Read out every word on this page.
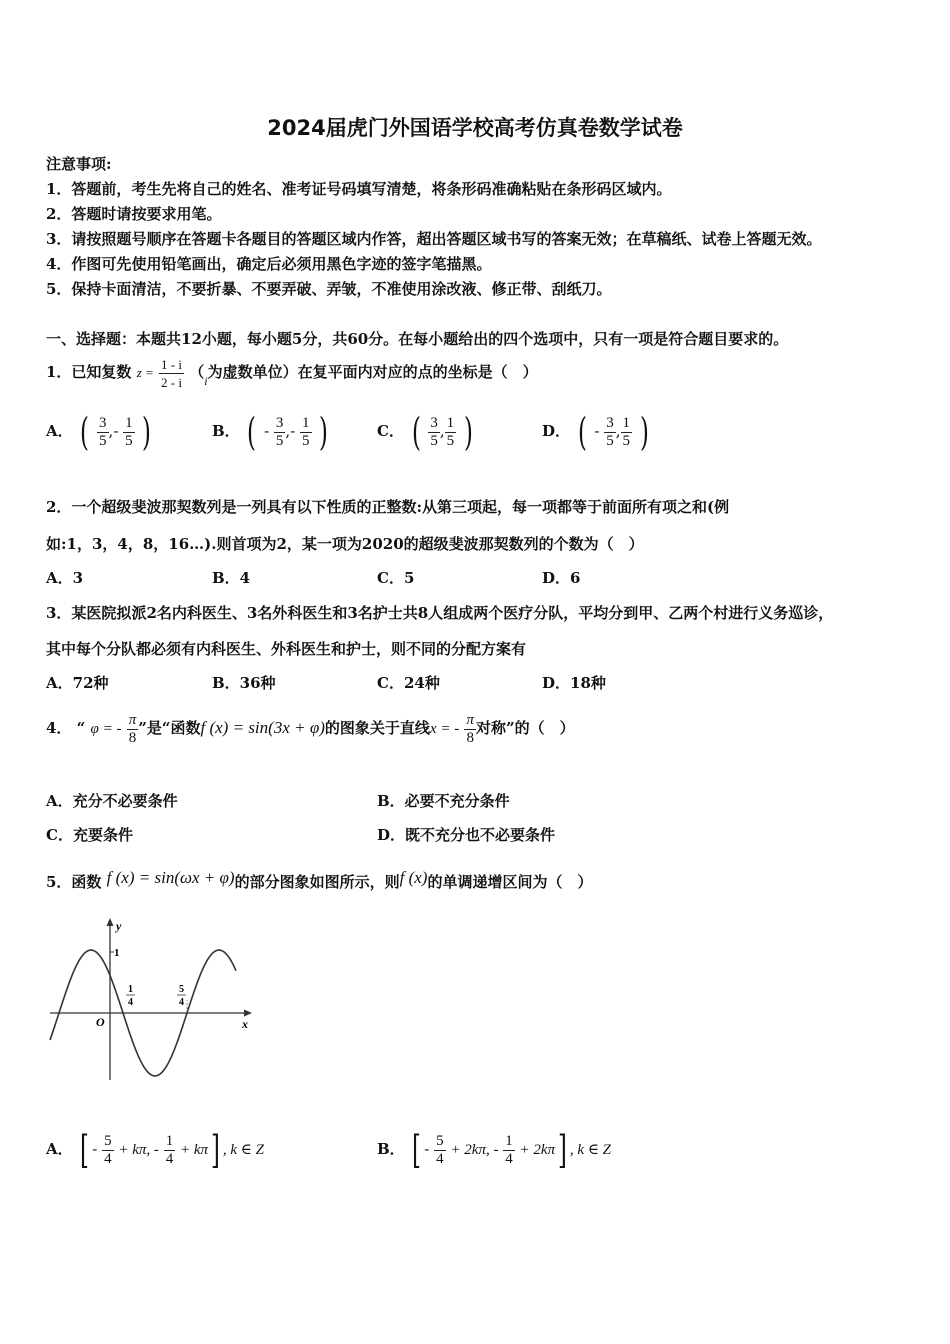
2024届虎门外国语学校高考仿真卷数学试卷
注意事项:
1．答题前，考生先将自己的姓名、准考证号码填写清楚，将条形码准确粘贴在条形码区域内。
2．答题时请按要求用笔。
3．请按照题号顺序在答题卡各题目的答题区域内作答，超出答题区域书写的答案无效；在草稿纸、试卷上答题无效。
4．作图可先使用铅笔画出，确定后必须用黑色字迹的签字笔描黑。
5．保持卡面清洁，不要折暴、不要弄破、弄皱，不准使用涂改液、修正带、刮纸刀。
一、选择题：本题共12小题，每小题5分，共60分。在每小题给出的四个选项中，只有一项是符合题目要求的。
1．已知复数 $z = \frac{1 - i}{2 - i} (_i$为虚数单位）在复平面内对应的点的坐标是（　）
A． ( $\frac{3}{5}$ ,- $\frac{1}{5}$ )	B． ( - $\frac{3}{5}$ ,- $\frac{1}{5}$ )	C． ( $\frac{3}{5}$ , $\frac{1}{5}$ )	D． ( - $\frac{3}{5}$ , $\frac{1}{5}$ )
2．一个超级斐波那契数列是一列具有以下性质的正整数:从第三项起，每一项都等于前面所有项之和(例
如:1，3，4，8，16…).则首项为2，某一项为2020的超级斐波那契数列的个数为（　）
A．3	B．4	C．5	D．6
3．某医院拟派2名内科医生、3名外科医生和3名护士共8人组成两个医疗分队，平均分到甲、乙两个村进行义务巡诊，
其中每个分队都必须有内科医生、外科医生和护士，则不同的分配方案有
A．72种	B．36种	C．24种	D．18种
4． “ φ = - $\frac{\pi}{8}$ ”是“函数f (x) = sin(3x + φ)的图象关于直线x = - $\frac{\pi}{8}$ 对称”的（　）
A．充分不必要条件	B．必要不充分条件
C．充要条件	D．既不充分也不必要条件
5．函数 f (x) = sin(ωx + φ)的部分图象如图所示，则f (x)的单调递增区间为（　）
y
x
O
1
1
4
5
4
A． [ - $\frac{5}{4} + k\pi$, - $\frac{1}{4} + k\pi$] , k ∈ Z	B． [ - $\frac{5}{4} + 2k\pi$, - $\frac{1}{4} + 2k\pi$] , k ∈ Z
